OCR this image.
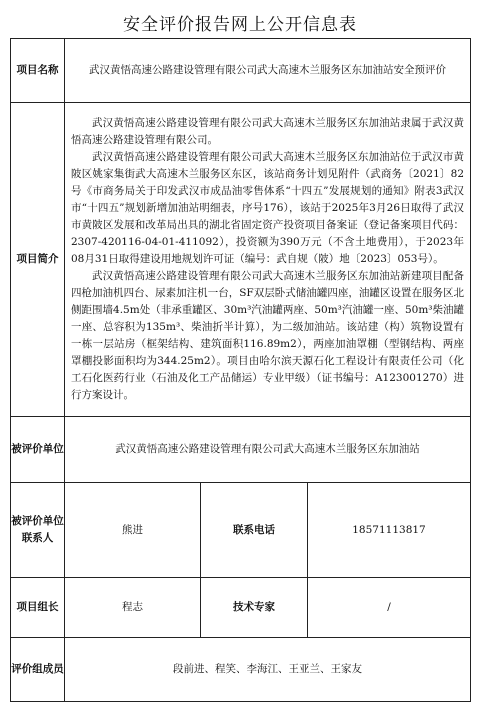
安全评价报告网上公开信息表
项目名称	武汉黄悟高速公路建设管理有限公司武大高速木兰服务区东加油站安全预评价		
项目简介	武汉黄悟高速公路建设管理有限公司武大高速木兰服务区东加油站隶属于武汉黄悟高速公路建设管理有限公司。

武汉黄悟高速公路建设管理有限公司武大高速木兰服务区东加油站位于武汉市黄陂区姚家集街武大高速木兰服务区东区，该站商务计划见附件（武商务〔2021〕82号《市商务局关于印发武汉市成品油零售体系“十四五”发展规划的通知》附表3武汉市“十四五”规划新增加油站明细表，序号176），该站于2025年3月26日取得了武汉市黄陂区发展和改革局出具的湖北省固定资产投资项目备案证（登记备案项目代码：2307-420116-04-01-411092），投资额为390万元（不含土地费用），于2023年08月31日取得建设用地规划许可证（编号：武自规（陂）地〔2023〕053号）。

武汉黄悟高速公路建设管理有限公司武大高速木兰服务区东加油站新建项目配备四枪加油机四台、尿素加注机一台，SF双层卧式储油罐四座，油罐区设置在服务区北侧距围墙4.5m处（非承重罐区、30m³汽油罐两座、50m³汽油罐一座、50m³柴油罐一座、总容积为135m³、柴油折半计算），为二级加油站。该站建（构）筑物设置有一栋一层站房（框架结构、建筑面积116.89m2），两座加油罩棚（型钢结构、两座罩棚投影面积均为344.25m2）。项目由哈尔滨天源石化工程设计有限责任公司（化工石化医药行业（石油及化工产品储运）专业甲级）（证书编号：A123001270）进行方案设计。		

被评价单位	武汉黄悟高速公路建设管理有限公司武大高速木兰服务区东加油站		
被评价单位联系人	熊进	联系电话	18571113817
项目组长	程志	技术专家	/
评价组成员	段前进、程笑、李海江、王亚兰、王家友		
